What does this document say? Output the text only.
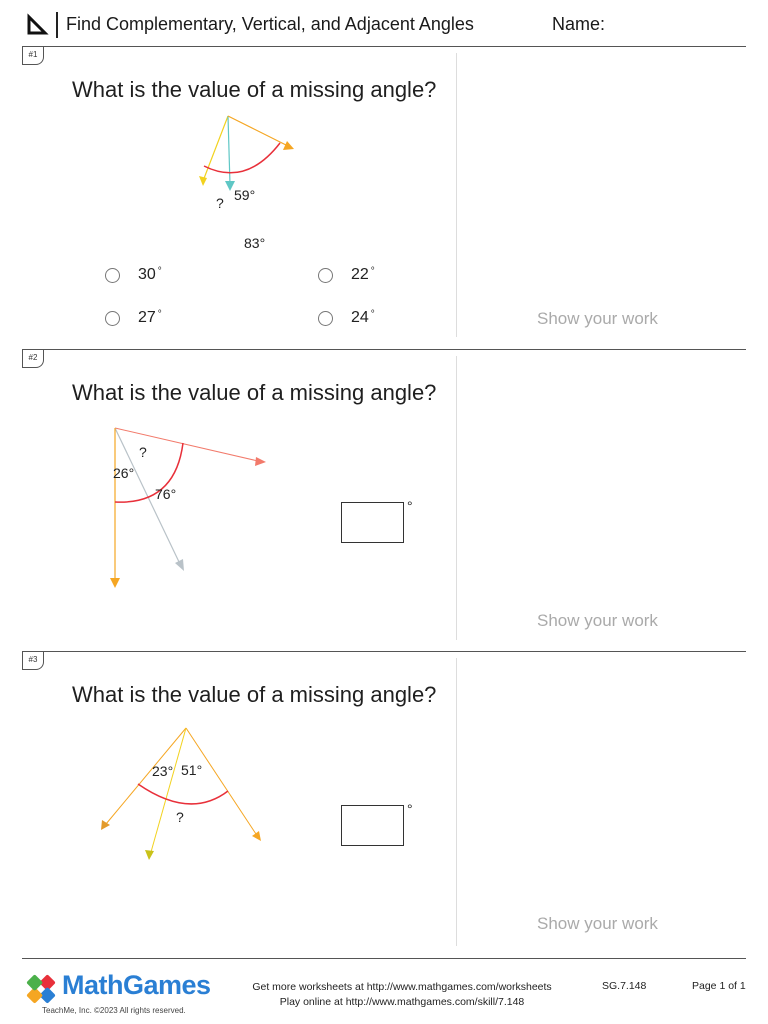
Find Complementary, Vertical, and Adjacent Angles	Name:
#1
What is the value of a missing angle?
? 59°
83°
30 °	22 °
27 °	24 °	Show your work
#2
What is the value of a missing angle?
?
26°
76°
°
Show your work
#3
What is the value of a missing angle?
23° 51°
?	°
Show your work
MathGames
TeachMe, Inc. ©2023 All rights reserved.
Get more worksheets at http://www.mathgames.com/worksheets
Play online at http://www.mathgames.com/skill/7.148
SG.7.148	Page 1 of 1
